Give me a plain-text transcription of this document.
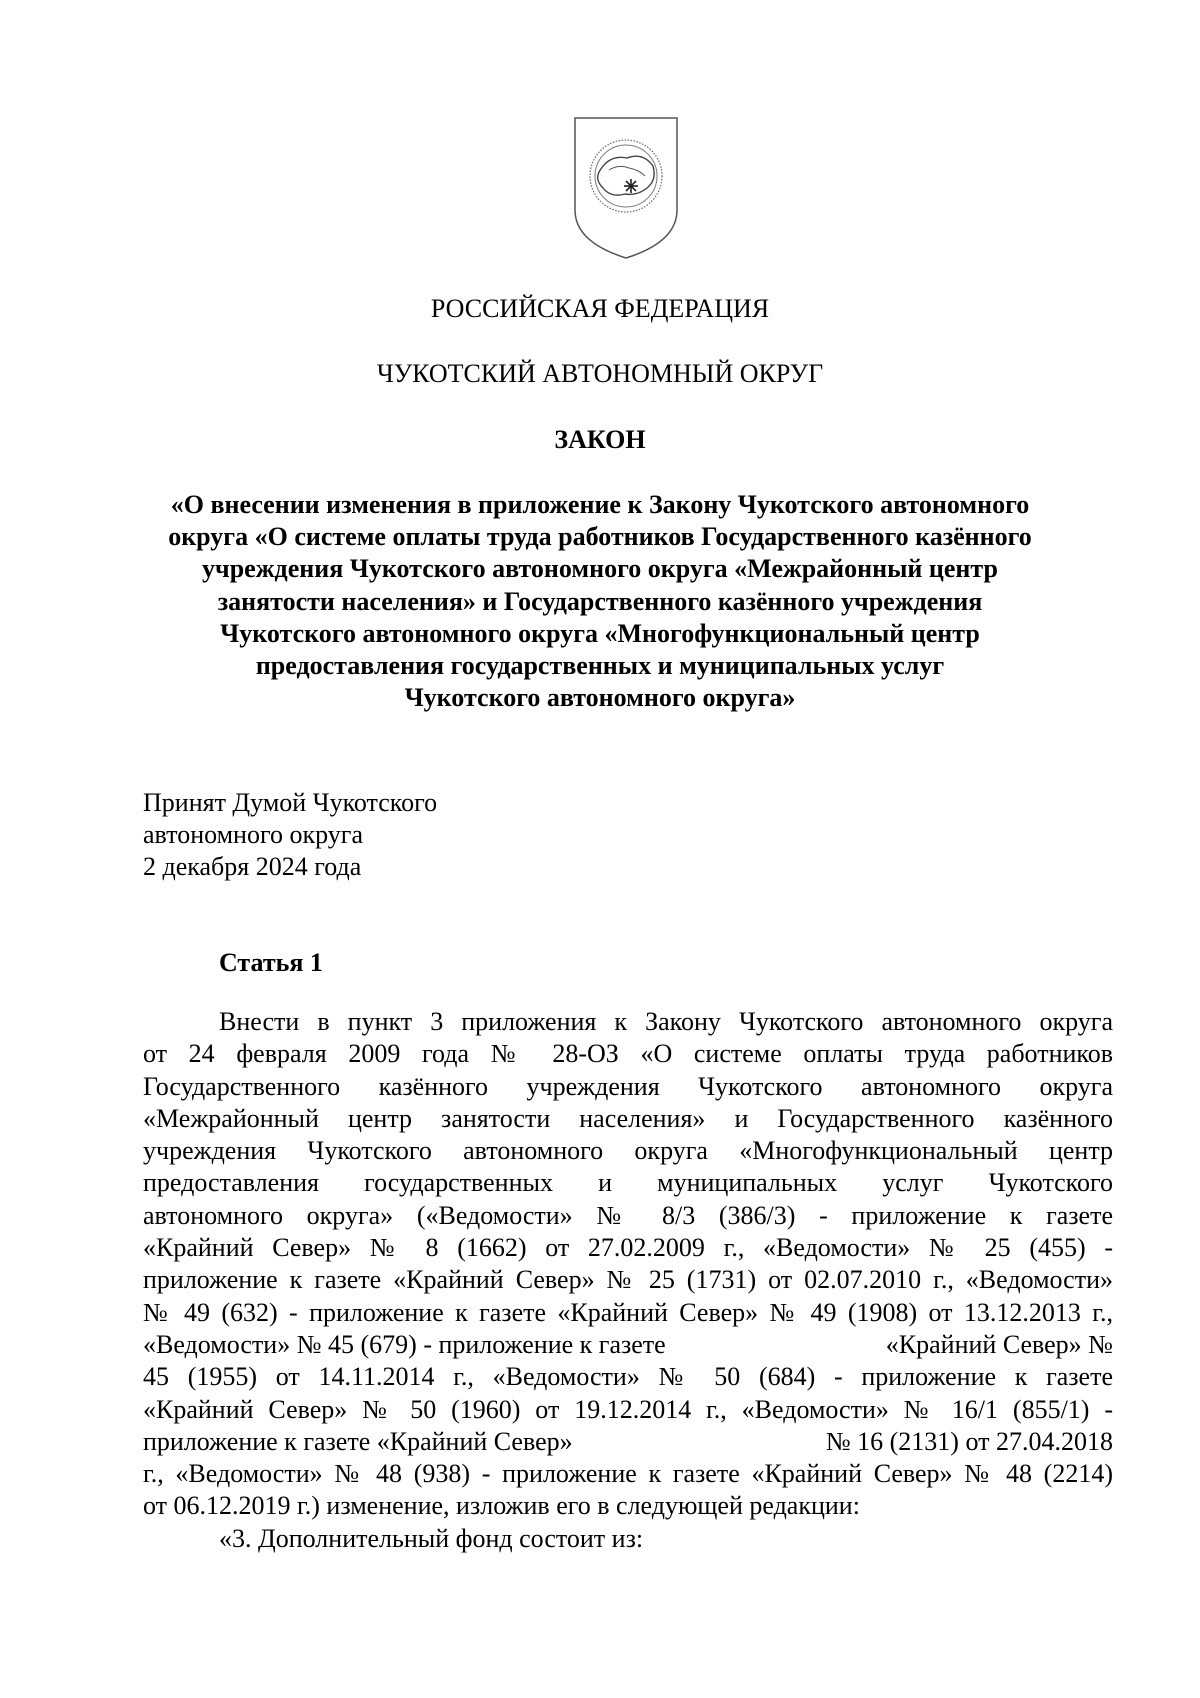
РОССИЙСКАЯ ФЕДЕРАЦИЯ

ЧУКОТСКИЙ АВТОНОМНЫЙ ОКРУГ

ЗАКОН

«О внесении изменения в приложение к Закону Чукотского автономного
округа «О системе оплаты труда работников Государственного казённого
учреждения Чукотского автономного округа «Межрайонный центр
занятости населения» и Государственного казённого учреждения
Чукотского автономного округа «Многофункциональный центр
предоставления государственных и муниципальных услуг
Чукотского автономного округа»
Принят Думой Чукотского
автономного округа
2 декабря 2024 года

Статья 1

Внести в пункт 3 приложения к Закону Чукотского автономного округа
от 24 февраля 2009 года № 28-ОЗ «О системе оплаты труда работников
Государственного казённого учреждения Чукотского автономного округа
«Межрайонный центр занятости населения» и Государственного казённого
учреждения Чукотского автономного округа «Многофункциональный центр
предоставления государственных и муниципальных услуг Чукотского
автономного округа» («Ведомости» № 8/3 (386/3) - приложение к газете
«Крайний Север» № 8 (1662) от 27.02.2009 г., «Ведомости» № 25 (455) -
приложение к газете «Крайний Север» № 25 (1731) от 02.07.2010 г., «Ведомости»
№ 49 (632) - приложение к газете «Крайний Север» № 49 (1908) от 13.12.2013 г.,
«Ведомости» № 45 (679) - приложение к газете	«Крайний Север» №
45 (1955) от 14.11.2014 г., «Ведомости» № 50 (684) - приложение к газете
«Крайний Север» № 50 (1960) от 19.12.2014 г., «Ведомости» № 16/1 (855/1) -
приложение к газете «Крайний Север»	№ 16 (2131) от 27.04.2018
г., «Ведомости» № 48 (938) - приложение к газете «Крайний Север» № 48 (2214)
от 06.12.2019 г.) изменение, изложив его в следующей редакции:
«3. Дополнительный фонд состоит из:
